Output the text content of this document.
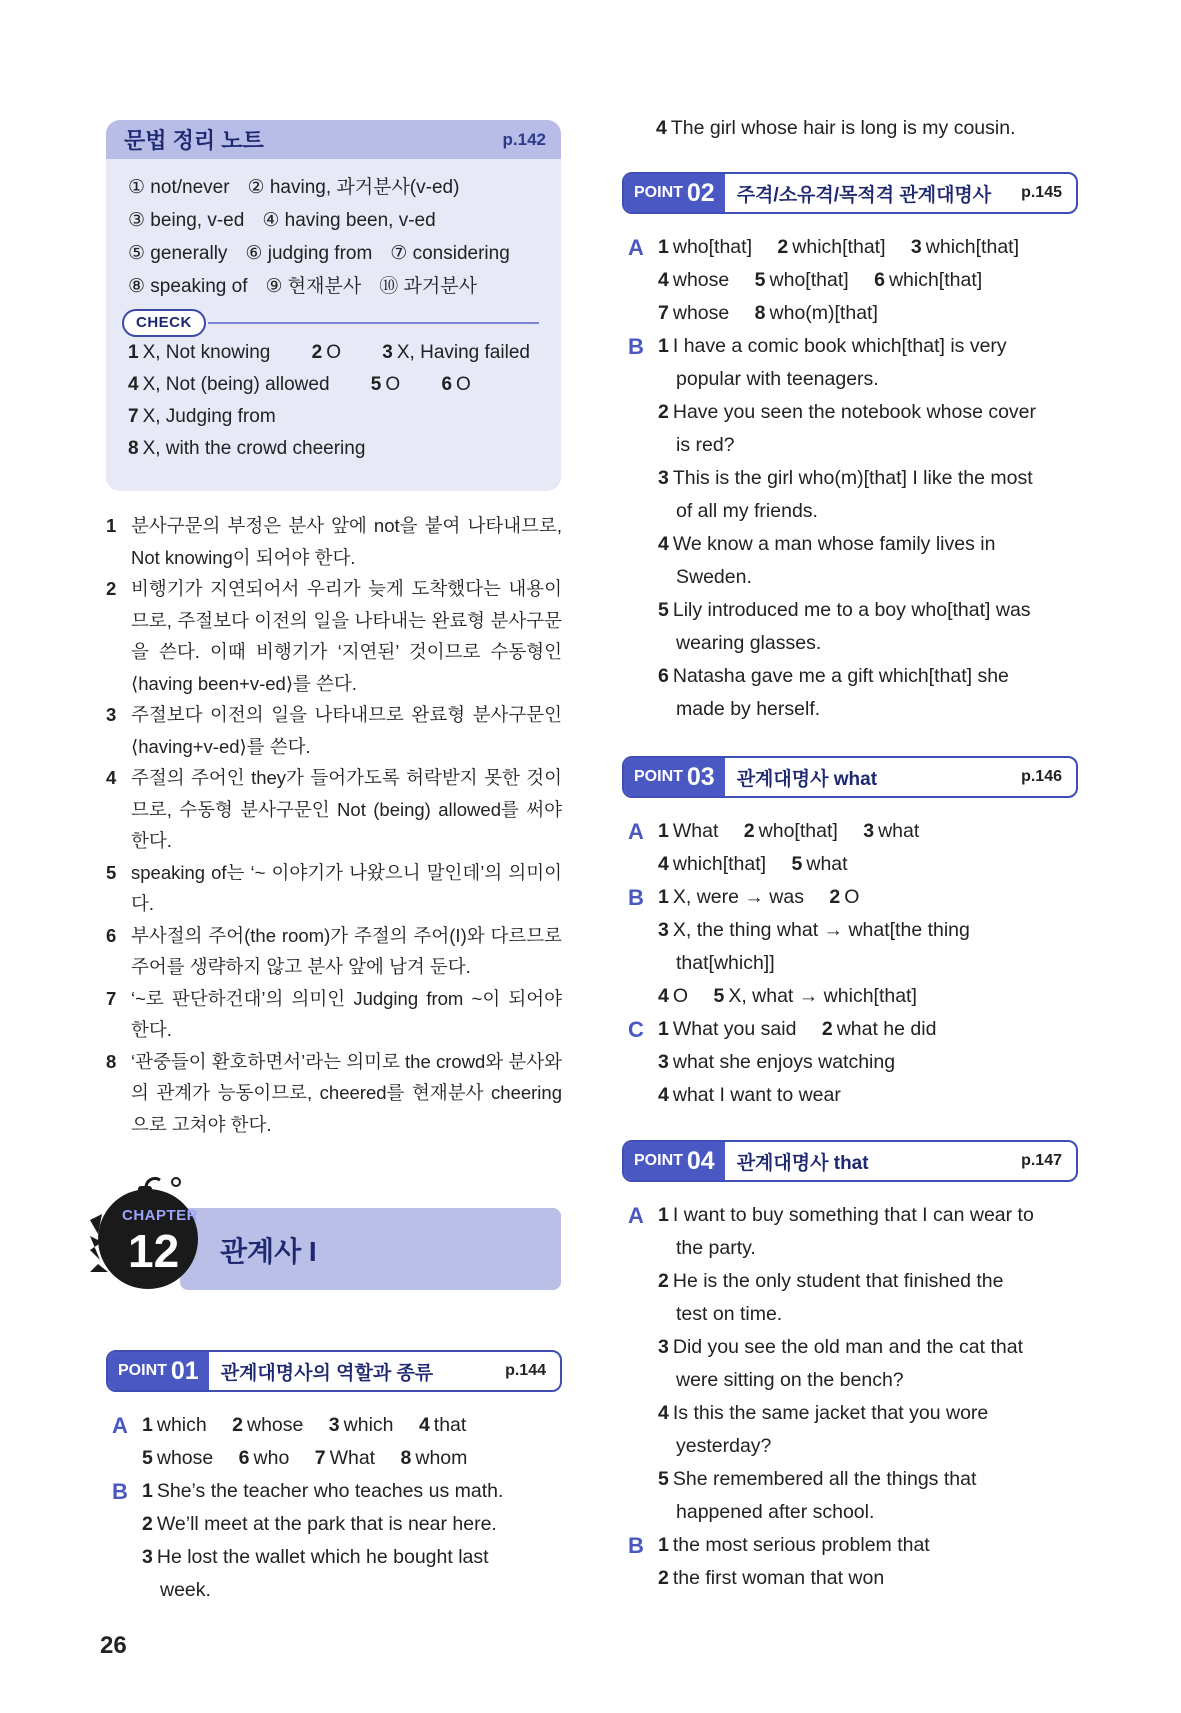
문법 정리 노트	p.142
① not/never ② having, 과거분사(v-ed)
③ being, v-ed ④ having been, v-ed
⑤ generally ⑥ judging from ⑦ considering
⑧ speaking of ⑨ 현재분사 ⑩ 과거분사
CHECK
1 X, Not knowing 2 O 3 X, Having failed
4 X, Not (being) allowed 5 O 6 O
7 X, Judging from
8 X, with the crowd cheering
1 분사구문의 부정은 분사 앞에 not을 붙여 나타내므로, Not knowing이 되어야 한다.
2 비행기가 지연되어서 우리가 늦게 도착했다는 내용이므로, 주절보다 이전의 일을 나타내는 완료형 분사구문을 쓴다. 이때 비행기가 ‘지연된’ 것이므로 수동형인 ⟨having been+v-ed⟩를 쓴다.
3 주절보다 이전의 일을 나타내므로 완료형 분사구문인 ⟨having+v-ed⟩를 쓴다.
4 주절의 주어인 they가 들어가도록 허락받지 못한 것이므로, 수동형 분사구문인 Not (being) allowed를 써야 한다.
5 speaking of는 ‘~ 이야기가 나왔으니 말인데’의 의미이다.
6 부사절의 주어(the room)가 주절의 주어(I)와 다르므로 주어를 생략하지 않고 분사 앞에 남겨 둔다.
7 ‘~로 판단하건대’의 의미인 Judging from ~이 되어야 한다.
8 ‘관중들이 환호하면서’라는 의미로 the crowd와 분사와의 관계가 능동이므로, cheered를 현재분사 cheering으로 고쳐야 한다.
관계사 I
CHAPTER
12
POINT 01	관계대명사의 역할과 종류	p.144
A 1 which 2 whose 3 which 4 that
5 whose 6 who 7 What 8 whom
B 1 She’s the teacher who teaches us math.
2 We’ll meet at the park that is near here.
3 He lost the wallet which he bought last
week.
4 The girl whose hair is long is my cousin.
POINT 02	주격/소유격/목적격 관계대명사	p.145
A 1 who[that] 2 which[that] 3 which[that]
4 whose 5 who[that] 6 which[that]
7 whose 8 who(m)[that]
B 1 I have a comic book which[that] is very
popular with teenagers.
2 Have you seen the notebook whose cover
is red?
3 This is the girl who(m)[that] I like the most
of all my friends.
4 We know a man whose family lives in
Sweden.
5 Lily introduced me to a boy who[that] was
wearing glasses.
6 Natasha gave me a gift which[that] she
made by herself.
POINT 03	관계대명사 what	p.146
A 1 What 2 who[that] 3 what
4 which[that] 5 what
B 1 X, were → was 2 O
3 X, the thing what → what[the thing
that[which]]
4 O 5 X, what → which[that]
C 1 What you said 2 what he did
3 what she enjoys watching
4 what I want to wear
POINT 04	관계대명사 that	p.147
A 1 I want to buy something that I can wear to
the party.
2 He is the only student that finished the
test on time.
3 Did you see the old man and the cat that
were sitting on the bench?
4 Is this the same jacket that you wore
yesterday?
5 She remembered all the things that
happened after school.
B 1 the most serious problem that
2 the first woman that won
26
